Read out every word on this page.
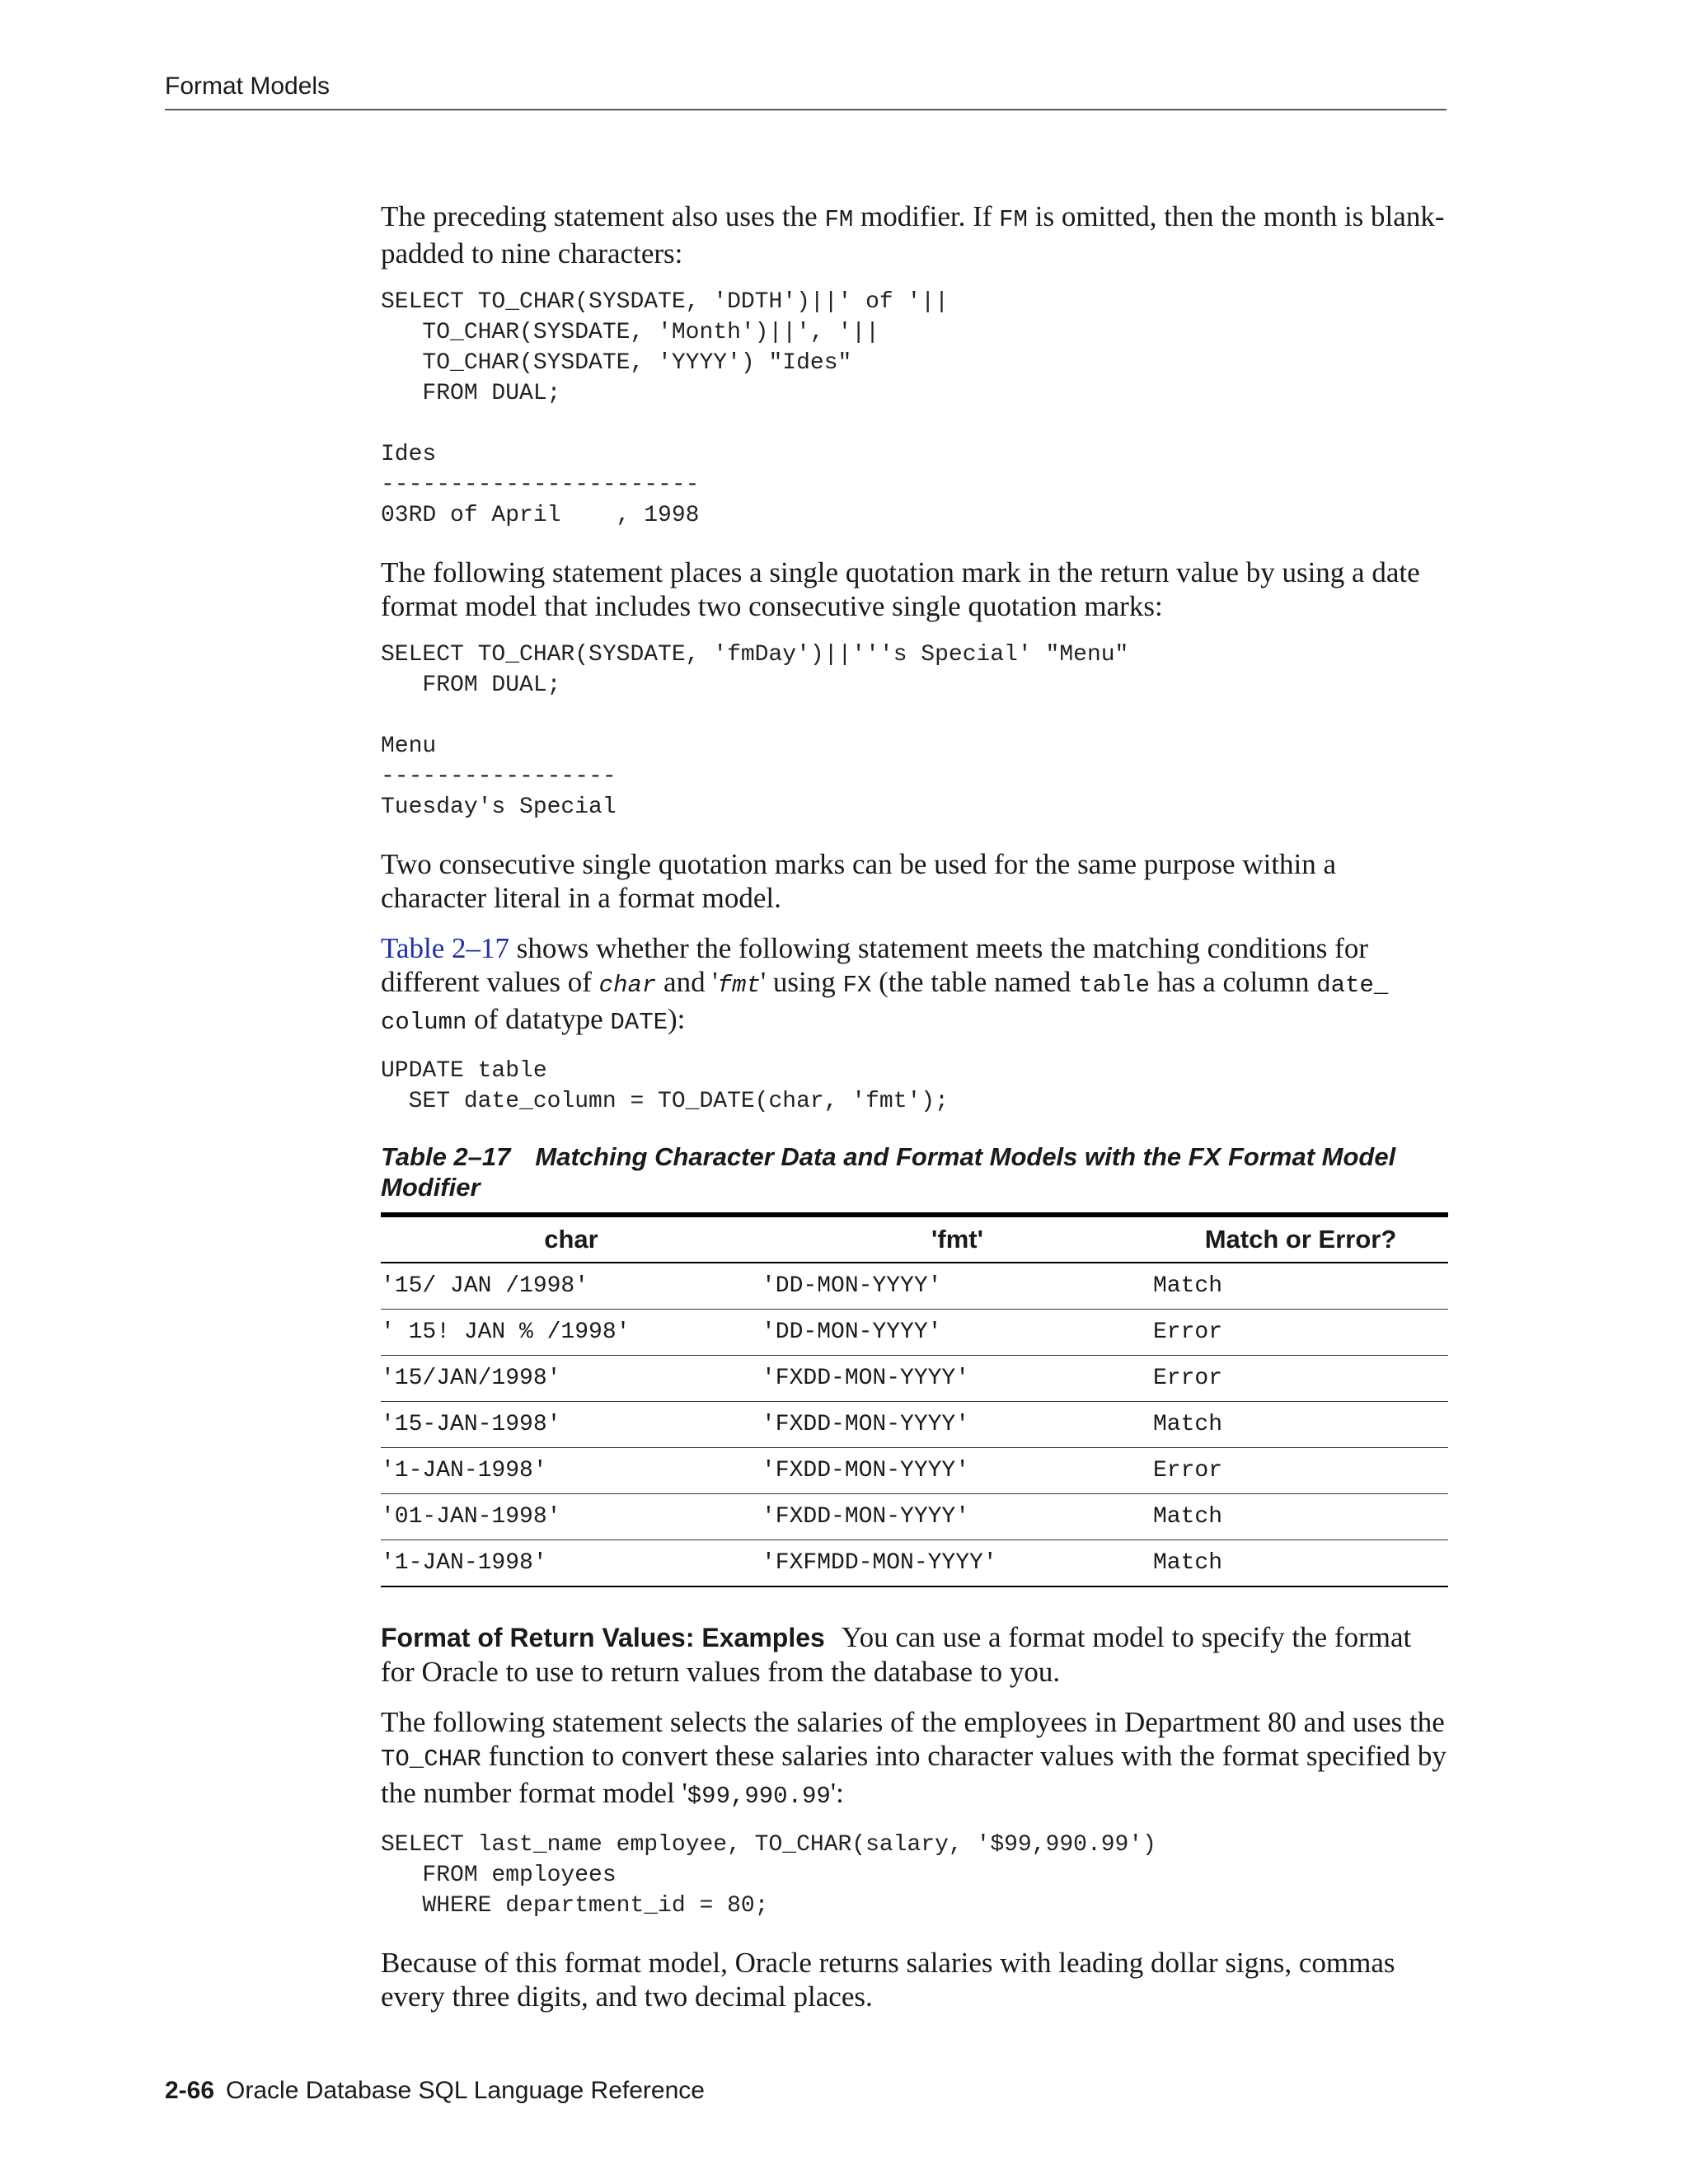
Format Models

The preceding statement also uses the FM modifier. If FM is omitted, then the month is blank-padded to nine characters:

SELECT TO_CHAR(SYSDATE, 'DDTH')||' of '||
TO_CHAR(SYSDATE, 'Month')||', '||
TO_CHAR(SYSDATE, 'YYYY') "Ides"
FROM DUAL;

Ides
-----------------------
03RD of April    , 1998

The following statement places a single quotation mark in the return value by using a date format model that includes two consecutive single quotation marks:

SELECT TO_CHAR(SYSDATE, 'fmDay')||'''s Special' "Menu"
FROM DUAL;

Menu
-----------------
Tuesday's Special

Two consecutive single quotation marks can be used for the same purpose within a character literal in a format model.

Table 2–17 shows whether the following statement meets the matching conditions for different values of char and 'fmt' using FX (the table named table has a column date_ column of datatype DATE):

UPDATE table
SET date_column = TO_DATE(char, 'fmt');
Table 2–17 Matching Character Data and Format Models with the FX Format Model Modifier
char	'fmt'	Match or Error?
'15/ JAN /1998'	'DD-MON-YYYY'	Match
' 15! JAN % /1998'	'DD-MON-YYYY'	Error
'15/JAN/1998'	'FXDD-MON-YYYY'	Error
'15-JAN-1998'	'FXDD-MON-YYYY'	Match
'1-JAN-1998'	'FXDD-MON-YYYY'	Error
'01-JAN-1998'	'FXDD-MON-YYYY'	Match
'1-JAN-1998'	'FXFMDD-MON-YYYY'	Match

Format of Return Values: Examples You can use a format model to specify the format for Oracle to use to return values from the database to you.

The following statement selects the salaries of the employees in Department 80 and uses the TO_CHAR function to convert these salaries into character values with the format specified by the number format model '$99,990.99':

SELECT last_name employee, TO_CHAR(salary, '$99,990.99')
FROM employees
WHERE department_id = 80;

Because of this format model, Oracle returns salaries with leading dollar signs, commas every three digits, and two decimal places.

2-66 Oracle Database SQL Language Reference
